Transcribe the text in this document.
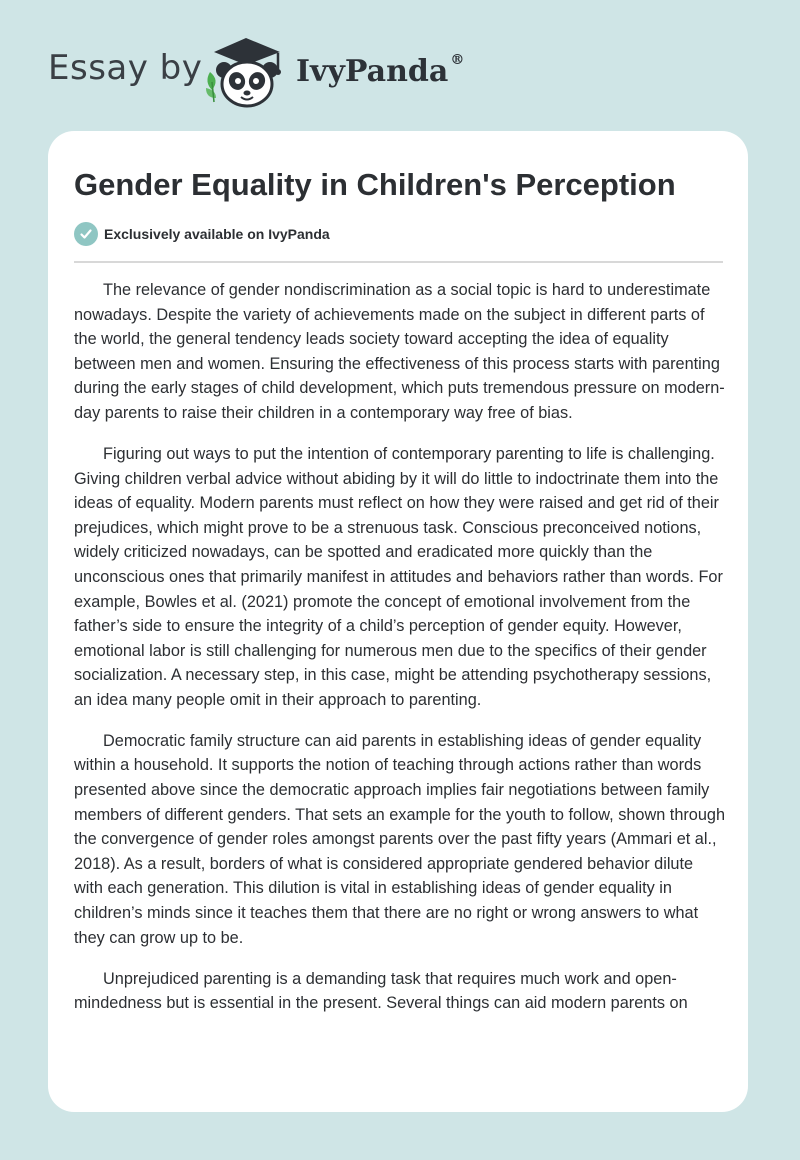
Essay by	IvyPanda ®
Gender Equality in Children's Perception
Exclusively available on IvyPanda

The relevance of gender nondiscrimination as a social topic is hard to underestimate nowadays. Despite the variety of achievements made on the subject in different parts of the world, the general tendency leads society toward accepting the idea of equality between men and women. Ensuring the effectiveness of this process starts with parenting during the early stages of child development, which puts tremendous pressure on modern-day parents to raise their children in a contemporary way free of bias.

Figuring out ways to put the intention of contemporary parenting to life is challenging. Giving children verbal advice without abiding by it will do little to indoctrinate them into the ideas of equality. Modern parents must reflect on how they were raised and get rid of their prejudices, which might prove to be a strenuous task. Conscious preconceived notions, widely criticized nowadays, can be spotted and eradicated more quickly than the unconscious ones that primarily manifest in attitudes and behaviors rather than words. For example, Bowles et al. (2021) promote the concept of emotional involvement from the father’s side to ensure the integrity of a child’s perception of gender equity. However, emotional labor is still challenging for numerous men due to the specifics of their gender socialization. A necessary step, in this case, might be attending psychotherapy sessions, an idea many people omit in their approach to parenting.

Democratic family structure can aid parents in establishing ideas of gender equality within a household. It supports the notion of teaching through actions rather than words presented above since the democratic approach implies fair negotiations between family members of different genders. That sets an example for the youth to follow, shown through the convergence of gender roles amongst parents over the past fifty years (Ammari et al., 2018). As a result, borders of what is considered appropriate gendered behavior dilute with each generation. This dilution is vital in establishing ideas of gender equality in children’s minds since it teaches them that there are no right or wrong answers to what they can grow up to be.

Unprejudiced parenting is a demanding task that requires much work and open-mindedness but is essential in the present. Several things can aid modern parents on
